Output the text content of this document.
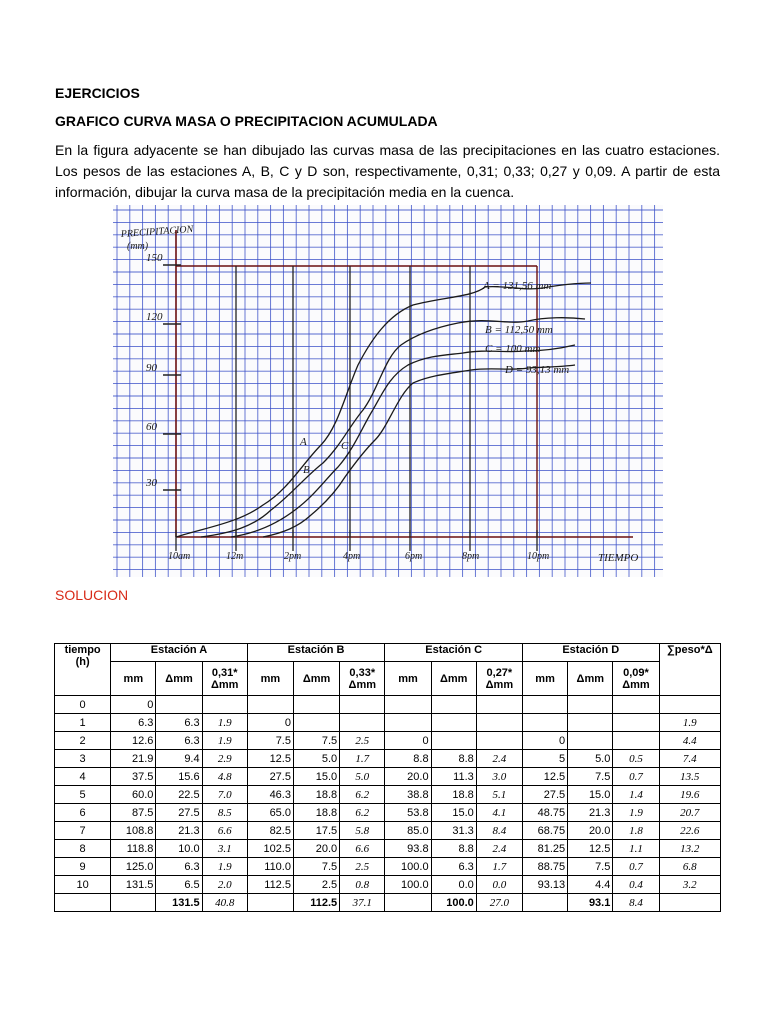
EJERCICIOS
GRAFICO CURVA MASA O PRECIPITACION ACUMULADA
En la figura adyacente se han dibujado las curvas masa de las precipitaciones en las cuatro estaciones. Los pesos de las estaciones A, B, C y D son, respectivamente, 0,31; 0,33; 0,27 y 0,09. A partir de esta información, dibujar la curva masa de la precipitación media en la cuenca.
A
B
C
PRECIPITACION
(mm)
TIEMPO
150
120
90
60
30
10am	12m	2pm	4pm	6pm	8pm	10pm
A = 131,56 mm
B = 112,50 mm
C = 100 mm
D = 93,13 mm
SOLUCION
tiempo (h)	Estación A			Estación B			Estación C			Estación D			∑peso*Δ
	mm	Δmm	0,31* Δmm	mm	Δmm	0,33* Δmm	mm	Δmm	0,27* Δmm	mm	Δmm	0,09* Δmm	
0	0												
1	6.3	6.3	1.9	0									1.9
2	12.6	6.3	1.9	7.5	7.5	2.5	0			0			4.4
3	21.9	9.4	2.9	12.5	5.0	1.7	8.8	8.8	2.4	5	5.0	0.5	7.4
4	37.5	15.6	4.8	27.5	15.0	5.0	20.0	11.3	3.0	12.5	7.5	0.7	13.5
5	60.0	22.5	7.0	46.3	18.8	6.2	38.8	18.8	5.1	27.5	15.0	1.4	19.6
6	87.5	27.5	8.5	65.0	18.8	6.2	53.8	15.0	4.1	48.75	21.3	1.9	20.7
7	108.8	21.3	6.6	82.5	17.5	5.8	85.0	31.3	8.4	68.75	20.0	1.8	22.6
8	118.8	10.0	3.1	102.5	20.0	6.6	93.8	8.8	2.4	81.25	12.5	1.1	13.2
9	125.0	6.3	1.9	110.0	7.5	2.5	100.0	6.3	1.7	88.75	7.5	0.7	6.8
10	131.5	6.5	2.0	112.5	2.5	0.8	100.0	0.0	0.0	93.13	4.4	0.4	3.2
		131.5	40.8		112.5	37.1		100.0	27.0		93.1	8.4	
